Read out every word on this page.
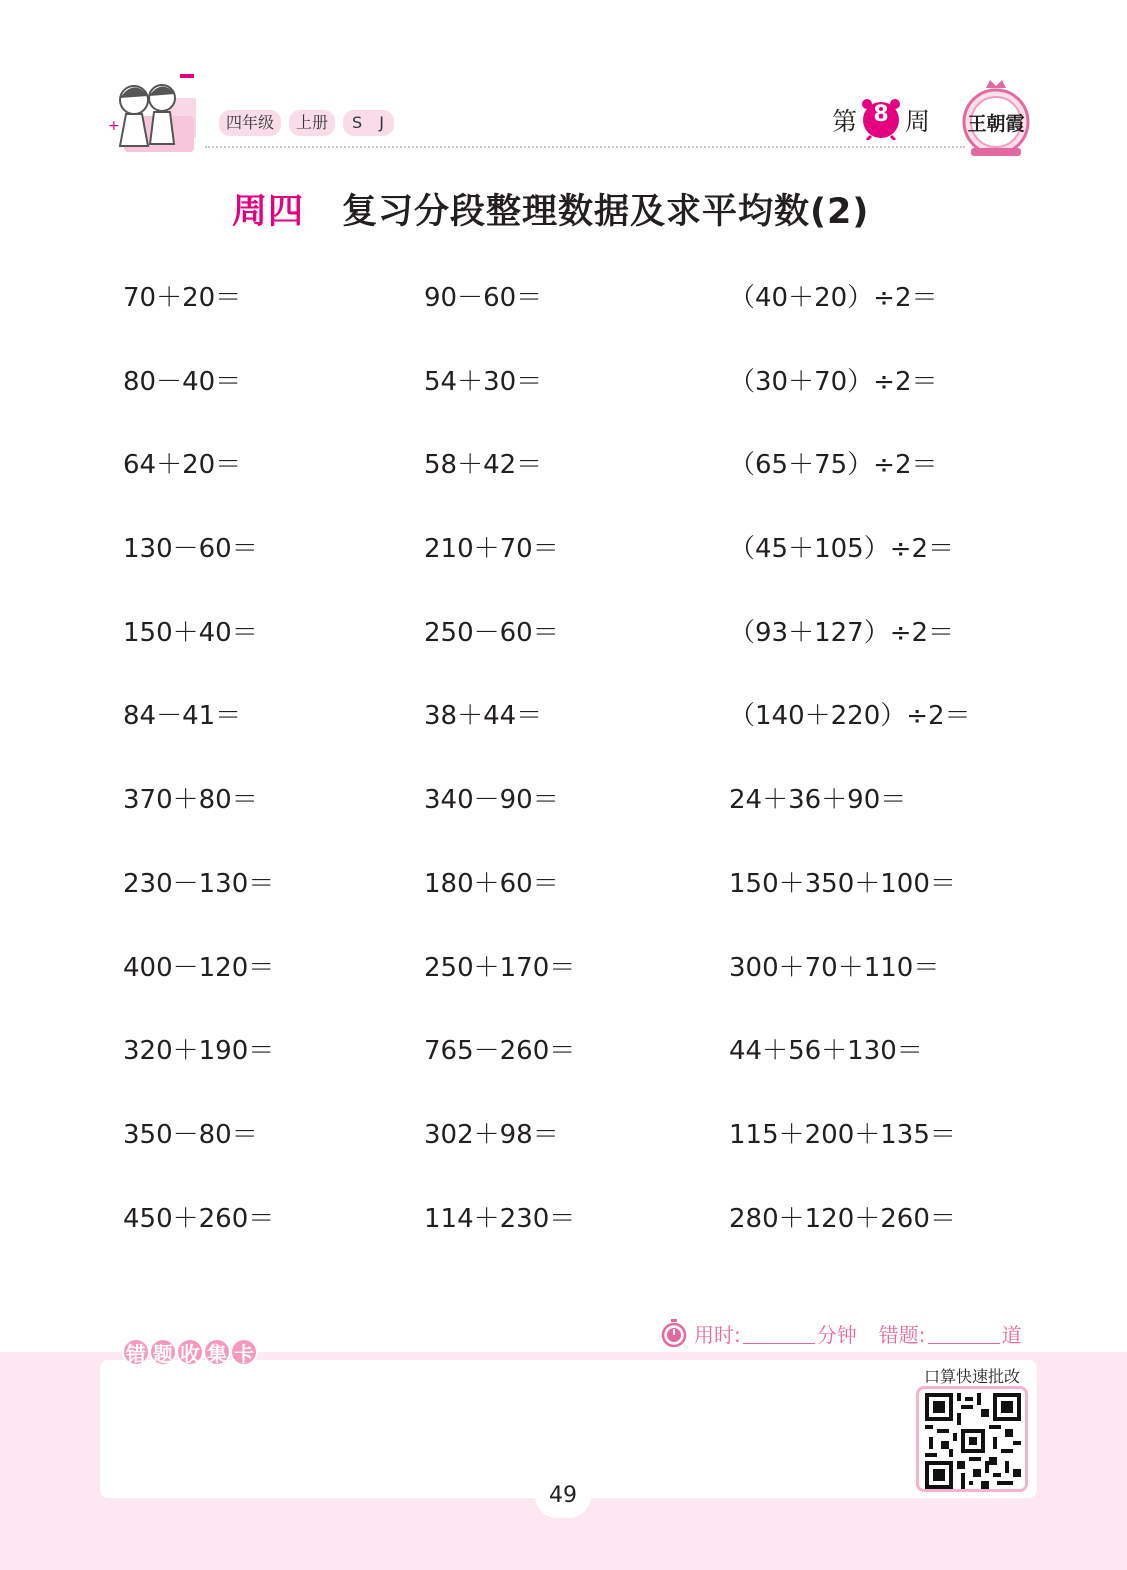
+	四年级	上册	S J	第 8 周 王朝霞
周四 复习分段整理数据及求平均数(2)
70＋20＝	90－60＝	（40＋20）÷2＝
80－40＝	54＋30＝	（30＋70）÷2＝
64＋20＝	58＋42＝	（65＋75）÷2＝
130－60＝	210＋70＝	（45＋105）÷2＝
150＋40＝	250－60＝	（93＋127）÷2＝
84－41＝	38＋44＝	（140＋220）÷2＝
370＋80＝	340－90＝	24＋36＋90＝
230－130＝	180＋60＝	150＋350＋100＝
400－120＝	250＋170＝	300＋70＋110＝
320＋190＝	765－260＝	44＋56＋130＝
350－80＝	302＋98＝	115＋200＋135＝
450＋260＝	114＋230＝	280＋120＋260＝
用时:	分钟 错题:	道
错 题 收 集 卡
口算快速批改
49
